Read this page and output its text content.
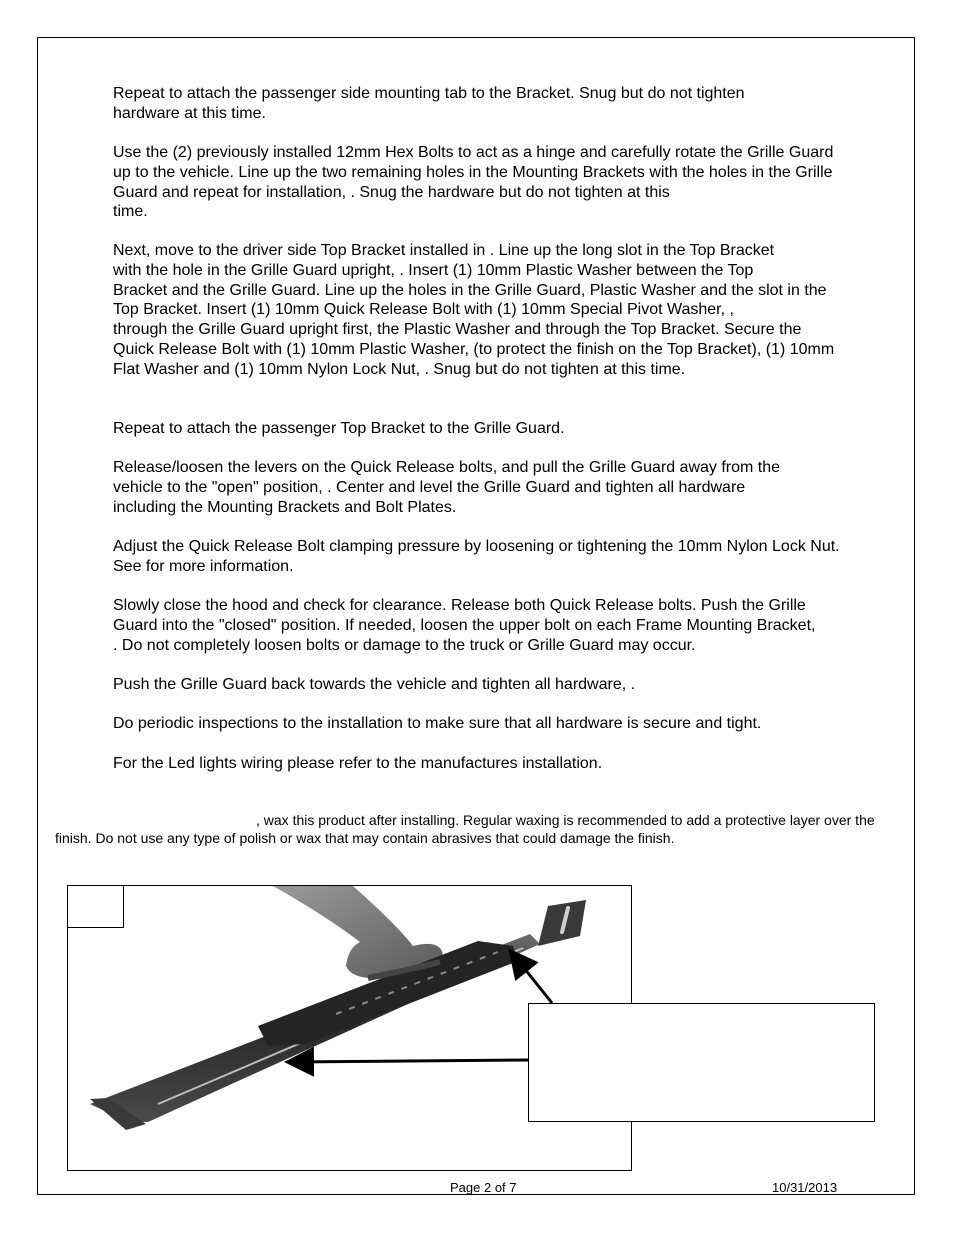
Repeat to attach the passenger side mounting tab to the Bracket. Snug but do not tighten
hardware at this time.

Use the (2) previously installed 12mm Hex Bolts to act as a hinge and carefully rotate the Grille Guard
up to the vehicle. Line up the two remaining holes in the Mounting Brackets with the holes in the Grille
Guard and repeat for installation, . Snug the hardware but do not tighten at this
time.

Next, move to the driver side Top Bracket installed in . Line up the long slot in the Top Bracket
with the hole in the Grille Guard upright, . Insert (1) 10mm Plastic Washer between the Top
Bracket and the Grille Guard. Line up the holes in the Grille Guard, Plastic Washer and the slot in the
Top Bracket. Insert (1) 10mm Quick Release Bolt with (1) 10mm Special Pivot Washer, ,
through the Grille Guard upright first, the Plastic Washer and through the Top Bracket. Secure the
Quick Release Bolt with (1) 10mm Plastic Washer, (to protect the finish on the Top Bracket), (1) 10mm
Flat Washer and (1) 10mm Nylon Lock Nut, . Snug but do not tighten at this time.

Repeat to attach the passenger Top Bracket to the Grille Guard.

Release/loosen the levers on the Quick Release bolts, and pull the Grille Guard away from the
vehicle to the "open" position, . Center and level the Grille Guard and tighten all hardware
including the Mounting Brackets and Bolt Plates.

Adjust the Quick Release Bolt clamping pressure by loosening or tightening the 10mm Nylon Lock Nut.
See for more information.

Slowly close the hood and check for clearance. Release both Quick Release bolts. Push the Grille
Guard into the "closed" position. If needed, loosen the upper bolt on each Frame Mounting Bracket,
. Do not completely loosen bolts or damage to the truck or Grille Guard may occur.

Push the Grille Guard back towards the vehicle and tighten all hardware, .

Do periodic inspections to the installation to make sure that all hardware is secure and tight.

For the Led lights wiring please refer to the manufactures installation.

, wax this product after installing. Regular waxing is recommended to add a protective layer over the finish. Do not use any type of polish or wax that may contain abrasives that could damage the finish.

Page 2 of 7	10/31/2013
